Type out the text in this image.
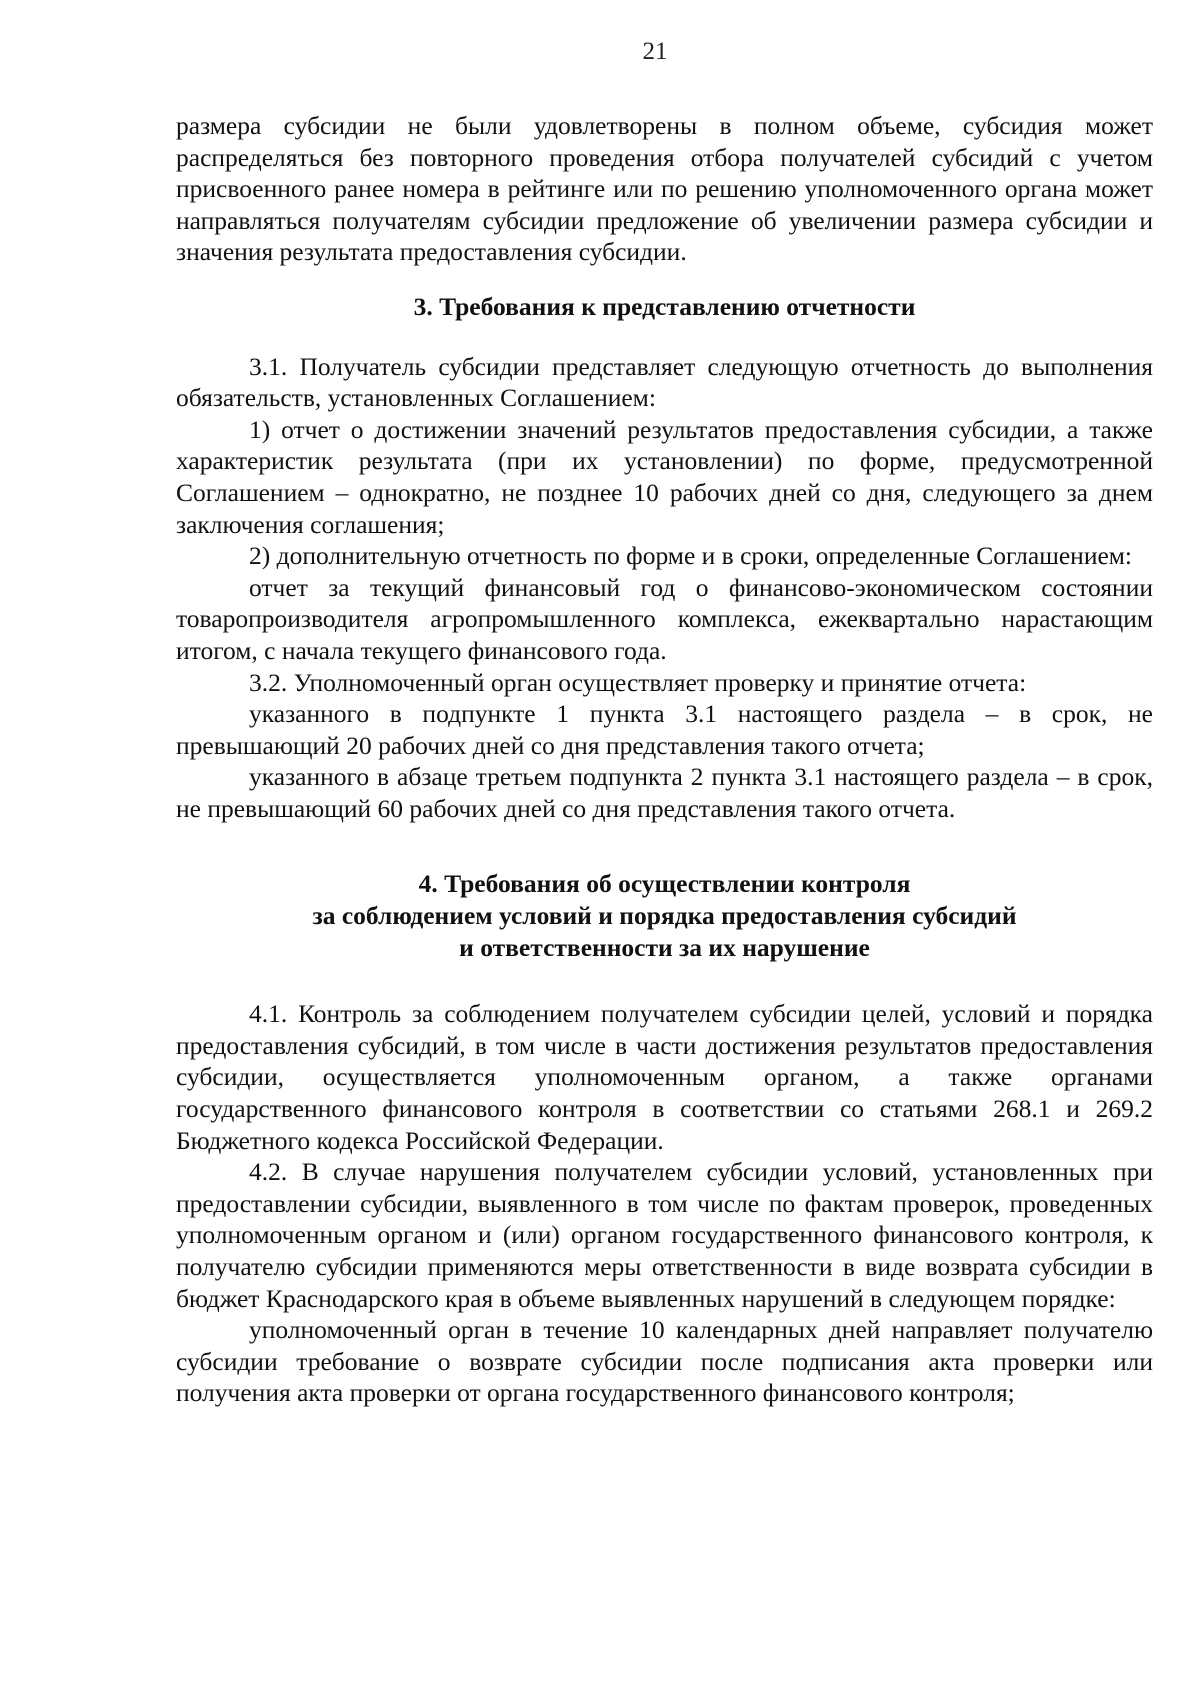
21

размера субсидии не были удовлетворены в полном объеме, субсидия может распределяться без повторного проведения отбора получателей субсидий с учетом присвоенного ранее номера в рейтинге или по решению уполномоченного органа может направляться получателям субсидии предложение об увеличении размера субсидии и значения результата предоставления субсидии.

3. Требования к представлению отчетности

3.1. Получатель субсидии представляет следующую отчетность до выполнения обязательств, установленных Соглашением:

1) отчет о достижении значений результатов предоставления субсидии, а также характеристик результата (при их установлении) по форме, предусмотренной Соглашением – однократно, не позднее 10 рабочих дней со дня, следующего за днем заключения соглашения;

2) дополнительную отчетность по форме и в сроки, определенные Соглашением:

отчет за текущий финансовый год о финансово-экономическом состоянии товаропроизводителя агропромышленного комплекса, ежеквартально нарастающим итогом, с начала текущего финансового года.

3.2. Уполномоченный орган осуществляет проверку и принятие отчета:

указанного в подпункте 1 пункта 3.1 настоящего раздела – в срок, не превышающий 20 рабочих дней со дня представления такого отчета;

указанного в абзаце третьем подпункта 2 пункта 3.1 настоящего раздела – в срок, не превышающий 60 рабочих дней со дня представления такого отчета.

4. Требования об осуществлении контроля

за соблюдением условий и порядка предоставления субсидий

и ответственности за их нарушение

4.1. Контроль за соблюдением получателем субсидии целей, условий и порядка предоставления субсидий, в том числе в части достижения результатов предоставления субсидии, осуществляется уполномоченным органом, а также органами государственного финансового контроля в соответствии со статьями 268.1 и 269.2 Бюджетного кодекса Российской Федерации.

4.2. В случае нарушения получателем субсидии условий, установленных при предоставлении субсидии, выявленного в том числе по фактам проверок, проведенных уполномоченным органом и (или) органом государственного финансового контроля, к получателю субсидии применяются меры ответственности в виде возврата субсидии в бюджет Краснодарского края в объеме выявленных нарушений в следующем порядке:

уполномоченный орган в течение 10 календарных дней направляет получателю субсидии требование о возврате субсидии после подписания акта проверки или получения акта проверки от органа государственного финансового контроля;
